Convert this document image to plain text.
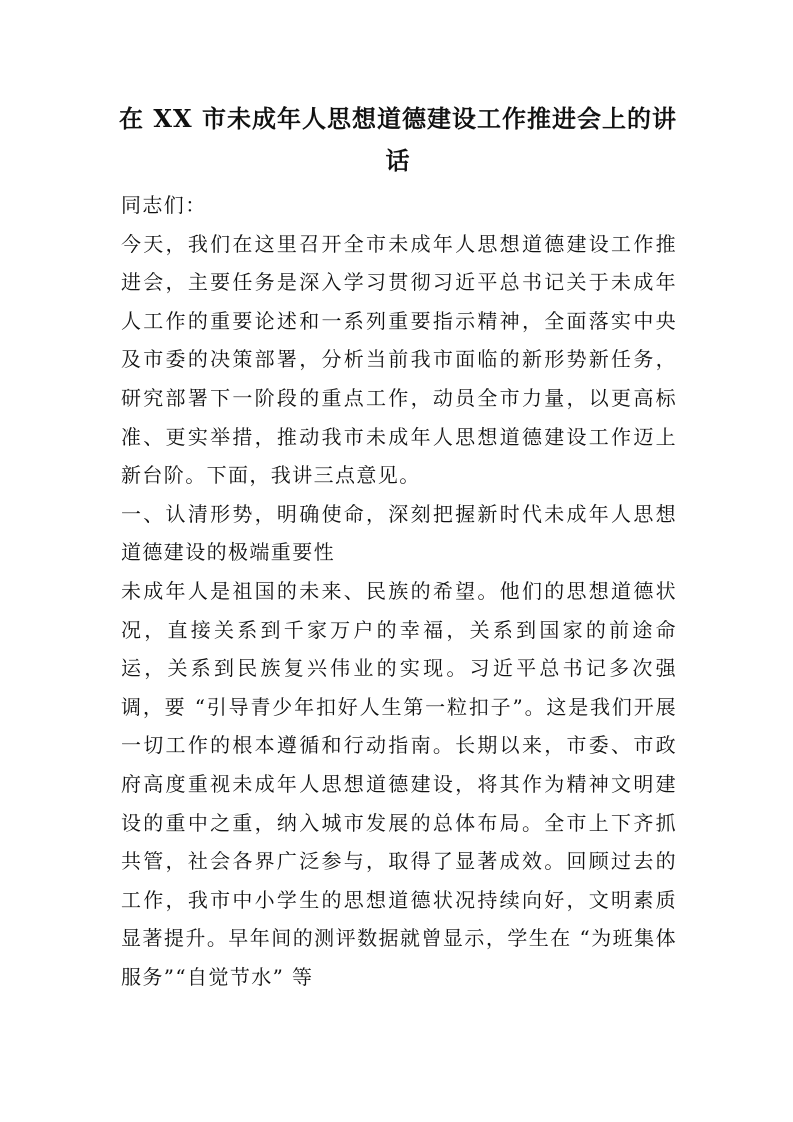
在 XX 市未成年人思想道德建设工作推进会上的讲话

同志们：

今天，我们在这里召开全市未成年人思想道德建设工作推进会，主要任务是深入学习贯彻习近平总书记关于未成年人工作的重要论述和一系列重要指示精神，全面落实中央及市委的决策部署，分析当前我市面临的新形势新任务，研究部署下一阶段的重点工作，动员全市力量，以更高标准、更实举措，推动我市未成年人思想道德建设工作迈上新台阶。下面，我讲三点意见。

一、认清形势，明确使命，深刻把握新时代未成年人思想道德建设的极端重要性

未成年人是祖国的未来、民族的希望。他们的思想道德状况，直接关系到千家万户的幸福，关系到国家的前途命运，关系到民族复兴伟业的实现。习近平总书记多次强调，要 “引导青少年扣好人生第一粒扣子”。这是我们开展一切工作的根本遵循和行动指南。长期以来，市委、市政府高度重视未成年人思想道德建设，将其作为精神文明建设的重中之重，纳入城市发展的总体布局。全市上下齐抓共管，社会各界广泛参与，取得了显著成效。回顾过去的工作，我市中小学生的思想道德状况持续向好，文明素质显著提升。早年间的测评数据就曾显示，学生在 “为班集体服务”“自觉节水” 等
